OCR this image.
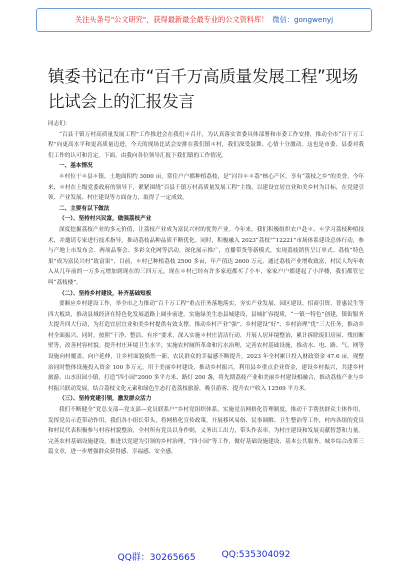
关注头条号"公文研究"，获得最新最全最专业的公文资料库！ 微信：gongwenyj
镇委书记在市“百千万高质量发展工程”现场比试会上的汇报发言

同志们：

“百县千镇万村高质量发展工程”工作推进会在我们＊召开，为认真落实省委具体部署和市委工作安排，推动全市“百千万工程”向更高水平和更高质量迈进，今天的现场比试会安排在我们镇＊村，我们深受鼓舞、心情十分激动。这也是市委、县委对我们工作的认可和肯定。下面，由我向各位领导汇报下我们镇的工作情况。

一、基本情况

＊村位于＊县＊镇，土地面积约 3000 亩，常住户户都种植荔枝，是“河谷＊＊荔”核心产区，享有“荔枝之乡”的美誉，今年来，＊村在上级党委政府的领导下，紧紧围绕“百县千镇万村高质量发展工程”主线，以建设宜居宜业和美乡村为目标，在党建引领、产业发展、村庄建设等方面奋力，取得了一定成效。

二、主要有以下做法

（一）、坚持村兴民富，做强荔枝产业

深度挖掘荔枝产业的多元价值，让荔枝产业成为富民兴村的优势产业。今年来，我们积极组织农户赴＊、＊学习荔枝种植技术，并邀请专家进行技术指导，推动荔枝品种品质不断优化。同时，积极融入 2023“荔枝”“12221”市场体系建设总体行动，参与产地上市发布会、两项品鉴会、多彩文化网等活动，深化展示推广，直播带货等新模式，实现荔枝销售呈订单式。荔枝“特色果”成为富民兴村“致富果”，目前，＊村已种植荔枝 2500 多亩，年产值达 2600 万元。通过荔枝产业增收致富，村民人均年收入从几年前的一万多元增加到现在的三四万元，现在＊村已经有许多家庭都买了小车，家家户户都建起了小洋楼，我们都管它叫“荔枝楼”。

（二）、坚持乡村建设，补齐基础短板

要顺应乡村建设工作，举全市之力推动“百千万工程”重点任务落地落实，夯实产业发展、园区建设、招商引资、普惠民生等四大板块，推动县域经济在特色化发展道路上阔步前进。实施绿美生态县城建设，县城扩容提质，“一镇一特色”创建，镇街服务大提升四大行动，为打造宜居宜业和美乡村提供有效支撑。推动乡村产业“强”、乡村建设“好”、乡村治理“优”三大任务，推动乡村全面振兴。同时，按照“干净、整洁、有序”要求，深入实施＊村庄清洁行动，开展人居环境整治，累计拆除废旧房屋、残垣断壁等，改善村容村貌。提升村庄环境卫生水平，实施农村厕所革命和污水治理，完善农村基础设施，推动水、电、路、气、网等设施向村覆盖、向户延伸，让乡村面貌焕然一新、农民群众的幸福感不断提升，2023 年全村累计投入财政资金 47.6 亩，现整治同时整体设施投入资金 100 多万元，用于美丽乡村建设，推动乡村振兴。利用县乡重点企业资金，建设乡村振兴，共建乡村旅游、山水田园小镇，打造“四小园”2000 多平方米、路灯 200 盏，将先期荔枝产业和美丽乡村建设相融合，推动荔枝产业与乡村振兴联动发展，结合荔枝文化元素和绿色生态打造荔枝旅游，吸引游客，提升农户收入 12569 平方米。

（三）、坚持党建引领，激发群众活力

我们不断健全“党总支部—党支部—党员联系户”乡村党组织体系，实施党员网格化管理制度，推动千手帮扶群众主体作用，发挥党员示范带动作用，我们各小组长带头，将网格化宣传政策，开展移风易俗、民事调解、卫生整治等工作，村内各组的党员和村民代表积极参与村容村貌整治，全村所有党员以身作则，义务出工出力，带头作表率，为村庄建设和发展贡献智慧和力量。完善农村基础设施建设，推进以党建为引领的乡村治理，“四小园”等工作，做好基础设施建设、基本公共服务、城乡综合改革三篇文章，进一步增强群众获得感、幸福感、安全感。

QQ群：30265665	QQ:535304092
